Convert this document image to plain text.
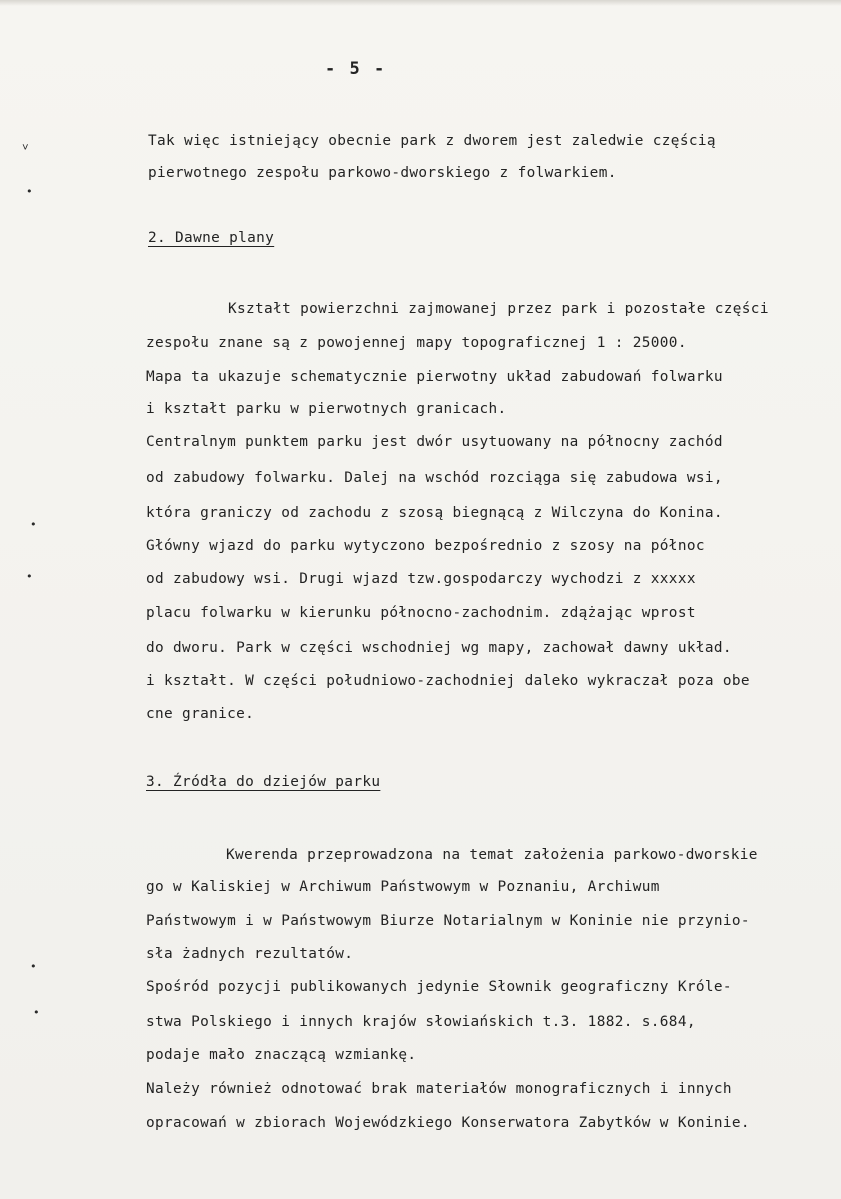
- 5 -
˅
•
•
•
•
•
Tak więc istniejący obecnie park z dworem jest zaledwie częścią
pierwotnego zespołu parkowo-dworskiego z folwarkiem.
2. Dawne plany
Kształt powierzchni zajmowanej przez park i pozostałe części
zespołu znane są z powojennej mapy topograficznej 1 : 25000.
Mapa ta ukazuje schematycznie pierwotny układ zabudowań folwarku
i kształt parku w pierwotnych granicach.
Centralnym punktem parku jest dwór usytuowany na północny zachód
od zabudowy folwarku. Dalej na wschód rozciąga się zabudowa wsi,
która graniczy od zachodu z szosą biegnącą z Wilczyna do Konina.
Główny wjazd do parku wytyczono bezpośrednio z szosy na północ
od zabudowy wsi. Drugi wjazd tzw.gospodarczy wychodzi z xxxxx
placu folwarku w kierunku północno-zachodnim. zdążając wprost
do dworu. Park w części wschodniej wg mapy, zachował dawny układ.
i kształt. W części południowo-zachodniej daleko wykraczał poza obe
cne granice.
3. Źródła do dziejów parku
Kwerenda przeprowadzona na temat założenia parkowo-dworskie
go w Kaliskiej w Archiwum Państwowym w Poznaniu, Archiwum
Państwowym i w Państwowym Biurze Notarialnym w Koninie nie przynio-
sła żadnych rezultatów.
Spośród pozycji publikowanych jedynie Słownik geograficzny Króle-
stwa Polskiego i innych krajów słowiańskich t.3. 1882. s.684,
podaje mało znaczącą wzmiankę.
Należy również odnotować brak materiałów monograficznych i innych
opracowań w zbiorach Wojewódzkiego Konserwatora Zabytków w Koninie.
